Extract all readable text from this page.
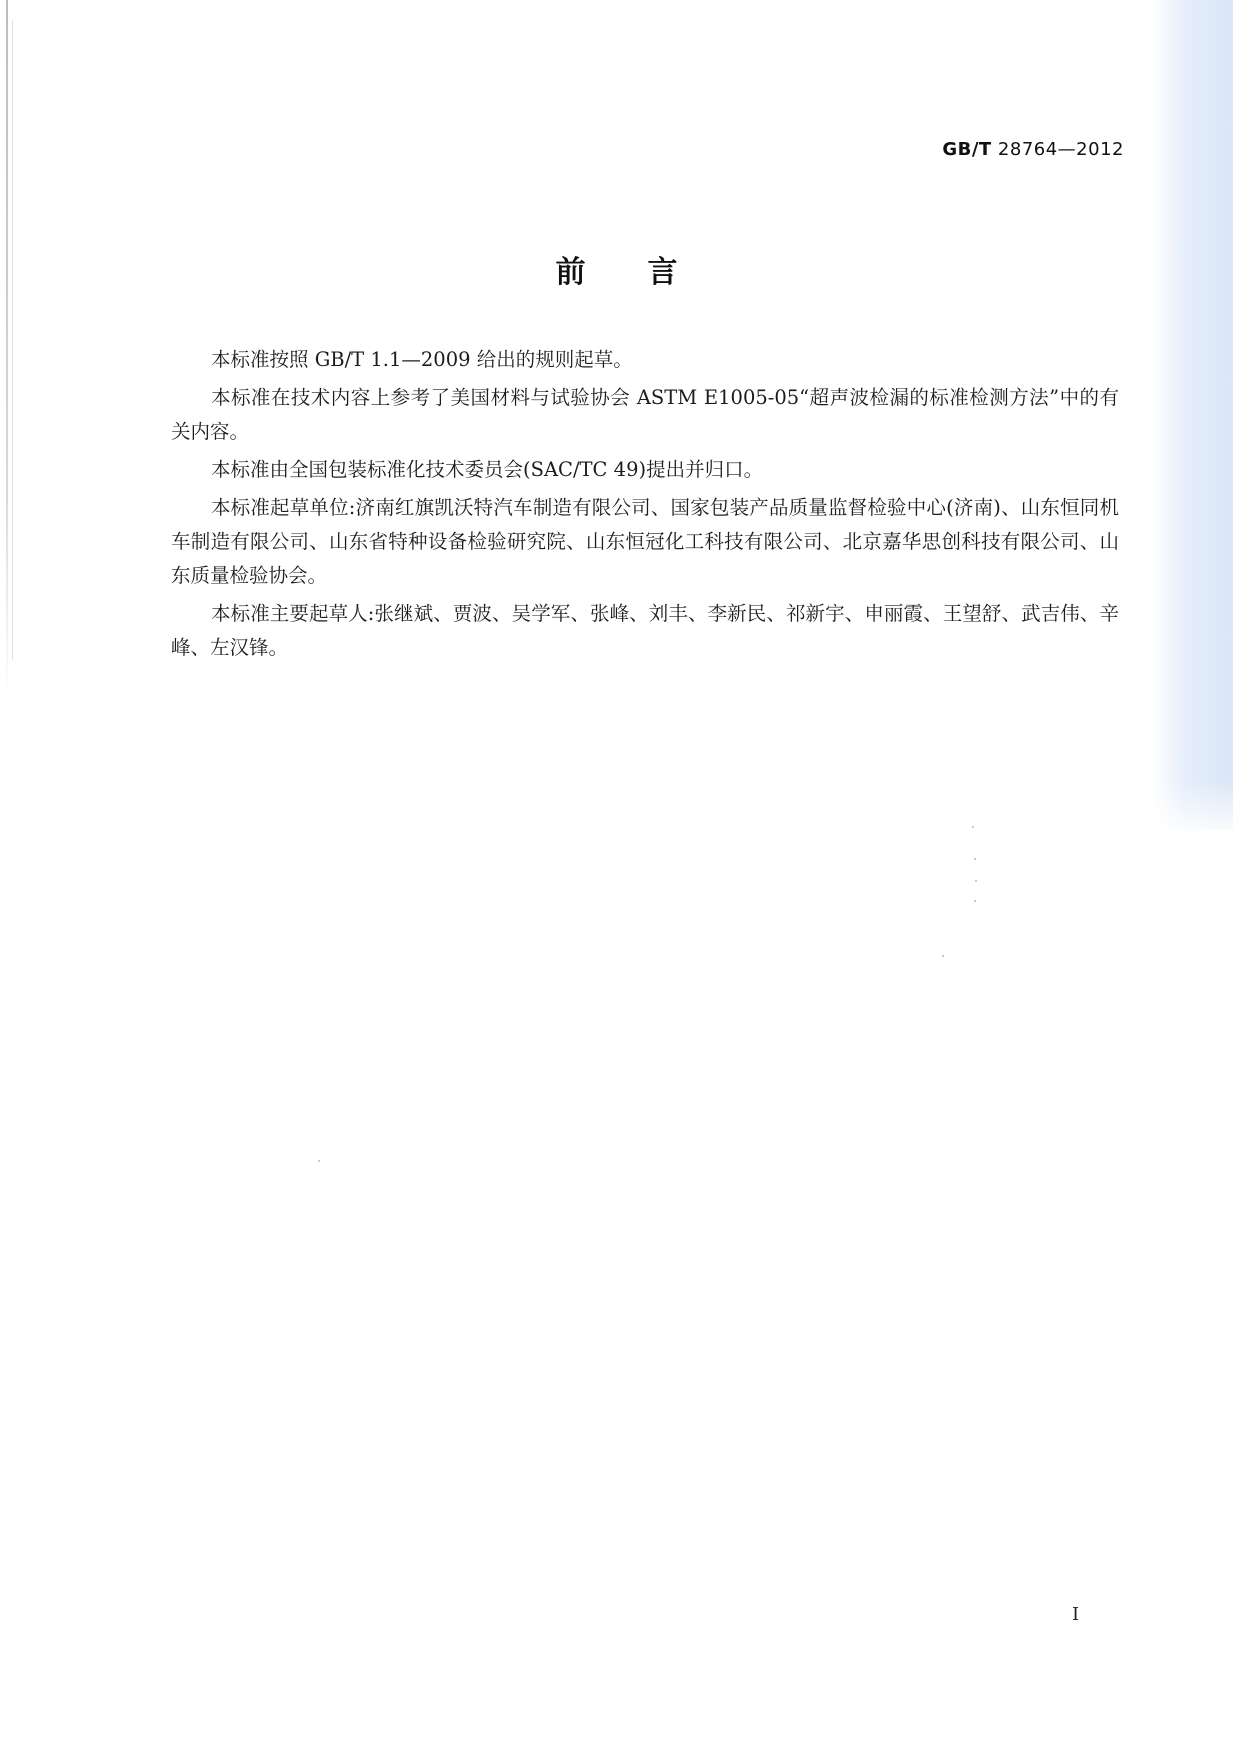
GB/T 28764—2012
前言

本标准按照 GB/T 1.1—2009 给出的规则起草。

本标准在技术内容上参考了美国材料与试验协会 ASTM E1005-05“超声波检漏的标准检测方法”中的有关内容。

本标准由全国包装标准化技术委员会(SAC/TC 49)提出并归口。

本标准起草单位:济南红旗凯沃特汽车制造有限公司、国家包装产品质量监督检验中心(济南)、山东恒同机车制造有限公司、山东省特种设备检验研究院、山东恒冠化工科技有限公司、北京嘉华思创科技有限公司、山东质量检验协会。

本标准主要起草人:张继斌、贾波、吴学军、张峰、刘丰、李新民、祁新宇、申丽霞、王望舒、武吉伟、辛峰、左汉锋。

I
